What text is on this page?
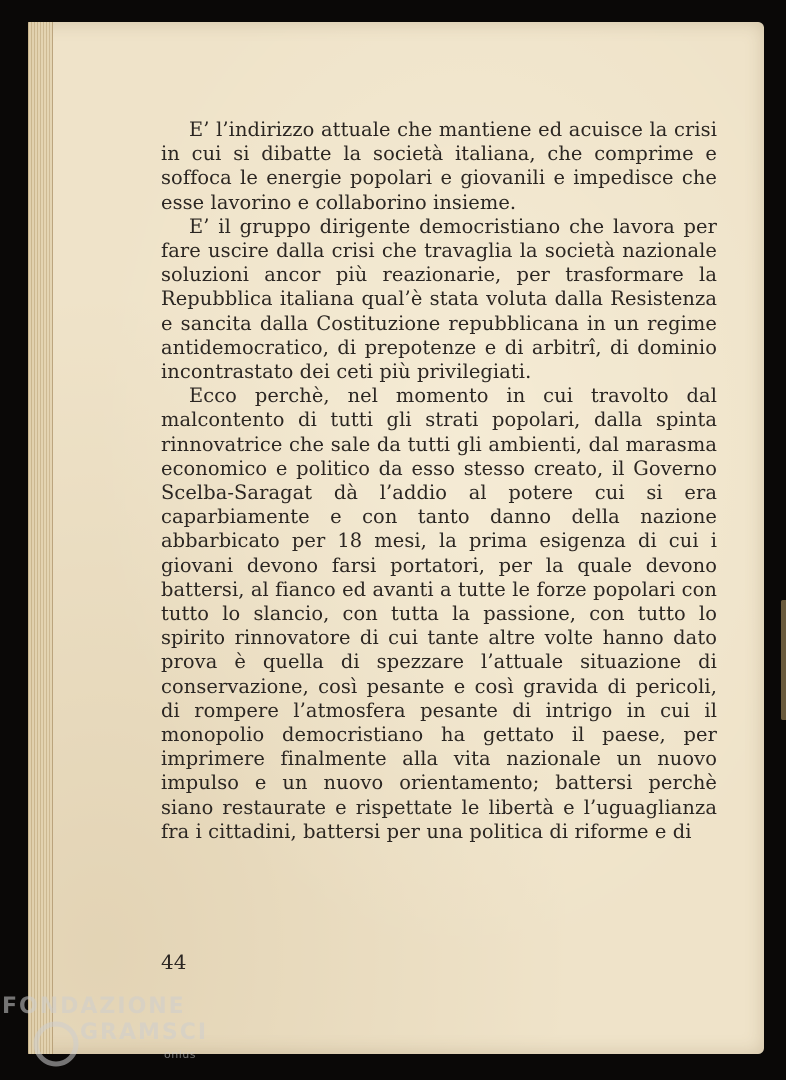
E’ l’indirizzo attuale che mantiene ed acuisce la crisi in cui si dibatte la società italiana, che comprime e soffoca le energie popolari e giovanili e impedisce che esse lavorino e collaborino insieme.

E’ il gruppo dirigente democristiano che lavora per fare uscire dalla crisi che travaglia la società nazionale soluzioni ancor più reazionarie, per trasformare la Repubblica italiana qual’è stata voluta dalla Resistenza e sancita dalla Costituzione repubblicana in un regime antidemocratico, di prepotenze e di arbitrî, di dominio incontrastato dei ceti più privilegiati.

Ecco perchè, nel momento in cui travolto dal malcontento di tutti gli strati popolari, dalla spinta rinnovatrice che sale da tutti gli ambienti, dal marasma economico e politico da esso stesso creato, il Governo Scelba-Saragat dà l’addio al potere cui si era caparbiamente e con tanto danno della nazione abbarbicato per 18 mesi, la prima esigenza di cui i giovani devono farsi portatori, per la quale devono battersi, al fianco ed avanti a tutte le forze popolari con tutto lo slancio, con tutta la passione, con tutto lo spirito rinnovatore di cui tante altre volte hanno dato prova è quella di spezzare l’attuale situazione di conservazione, così pesante e così gravida di pericoli, di rompere l’atmosfera pesante di intrigo in cui il monopolio democristiano ha gettato il paese, per imprimere finalmente alla vita nazionale un nuovo impulso e un nuovo orientamento; battersi perchè siano restaurate e rispettate le libertà e l’uguaglianza fra i cittadini, battersi per una politica di riforme e di

44
FONDAZIONE
GRAMSCI
onlus
